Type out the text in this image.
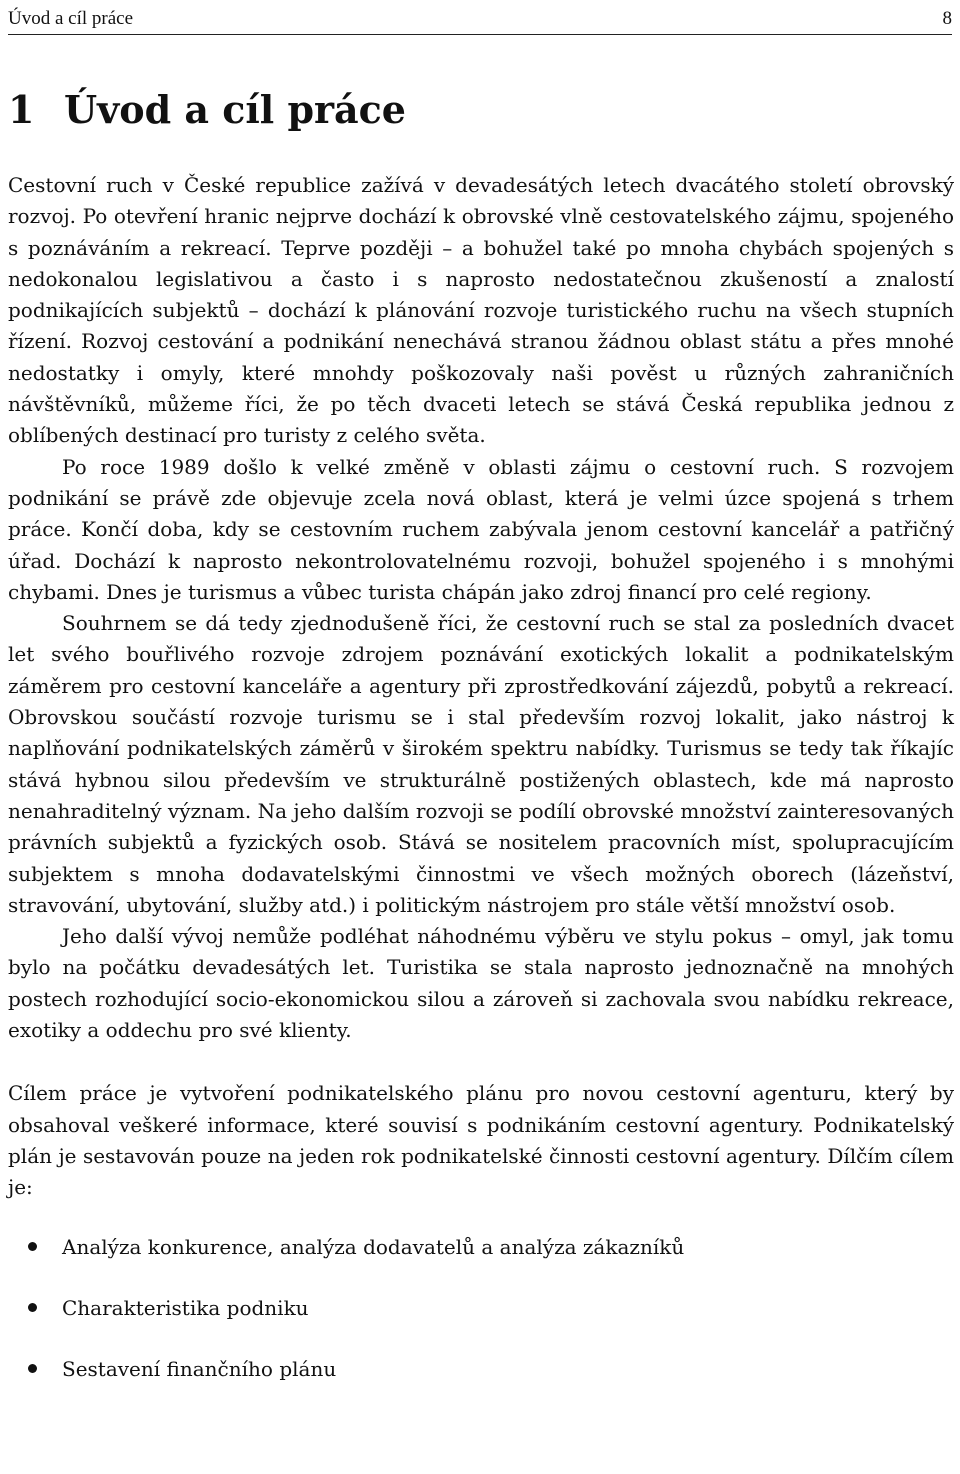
Úvod a cíl práce	8
1 Úvod a cíl práce

Cestovní ruch v České republice zažívá v devadesátých letech dvacátého století obrovský rozvoj. Po otevření hranic nejprve dochází k obrovské vlně cestovatelského zájmu, spojeného s poznáváním a rekreací. Teprve později – a bohužel také po mnoha chybách spojených s nedokonalou legislativou a často i s naprosto nedostatečnou zkušeností a znalostí podnikajících subjektů – dochází k plánování rozvoje turistického ruchu na všech stupních řízení. Rozvoj cestování a podnikání nenechává stranou žádnou oblast státu a přes mnohé nedostatky i omyly, které mnohdy poškozovaly naši pověst u různých zahraničních návštěvníků, můžeme říci, že po těch dvaceti letech se stává Česká republika jednou z oblíbených destinací pro turisty z celého světa.

Po roce 1989 došlo k velké změně v oblasti zájmu o cestovní ruch. S rozvojem podnikání se právě zde objevuje zcela nová oblast, která je velmi úzce spojená s trhem práce. Končí doba, kdy se cestovním ruchem zabývala jenom cestovní kancelář a patřičný úřad. Dochází k naprosto nekontrolovatelnému rozvoji, bohužel spojeného i s mnohými chybami. Dnes je turismus a vůbec turista chápán jako zdroj financí pro celé regiony.

Souhrnem se dá tedy zjednodušeně říci, že cestovní ruch se stal za posledních dvacet let svého bouřlivého rozvoje zdrojem poznávání exotických lokalit a podnikatelským záměrem pro cestovní kanceláře a agentury při zprostředkování zájezdů, pobytů a rekreací. Obrovskou součástí rozvoje turismu se i stal především rozvoj lokalit, jako nástroj k naplňování podnikatelských záměrů v širokém spektru nabídky. Turismus se tedy tak říkajíc stává hybnou silou především ve strukturálně postižených oblastech, kde má naprosto nenahraditelný význam. Na jeho dalším rozvoji se podílí obrovské množství zainteresovaných právních subjektů a fyzických osob. Stává se nositelem pracovních míst, spolupracujícím subjektem s mnoha dodavatelskými činnostmi ve všech možných oborech (lázeňství, stravování, ubytování, služby atd.) i politickým nástrojem pro stále větší množství osob.

Jeho další vývoj nemůže podléhat náhodnému výběru ve stylu pokus – omyl, jak tomu bylo na počátku devadesátých let. Turistika se stala naprosto jednoznačně na mnohých postech rozhodující socio-ekonomickou silou a zároveň si zachovala svou nabídku rekreace, exotiky a oddechu pro své klienty.

Cílem práce je vytvoření podnikatelského plánu pro novou cestovní agenturu, který by obsahoval veškeré informace, které souvisí s podnikáním cestovní agentury. Podnikatelský plán je sestavován pouze na jeden rok podnikatelské činnosti cestovní agentury. Dílčím cílem je:

Analýza konkurence, analýza dodavatelů a analýza zákazníků
Charakteristika podniku
Sestavení finančního plánu
